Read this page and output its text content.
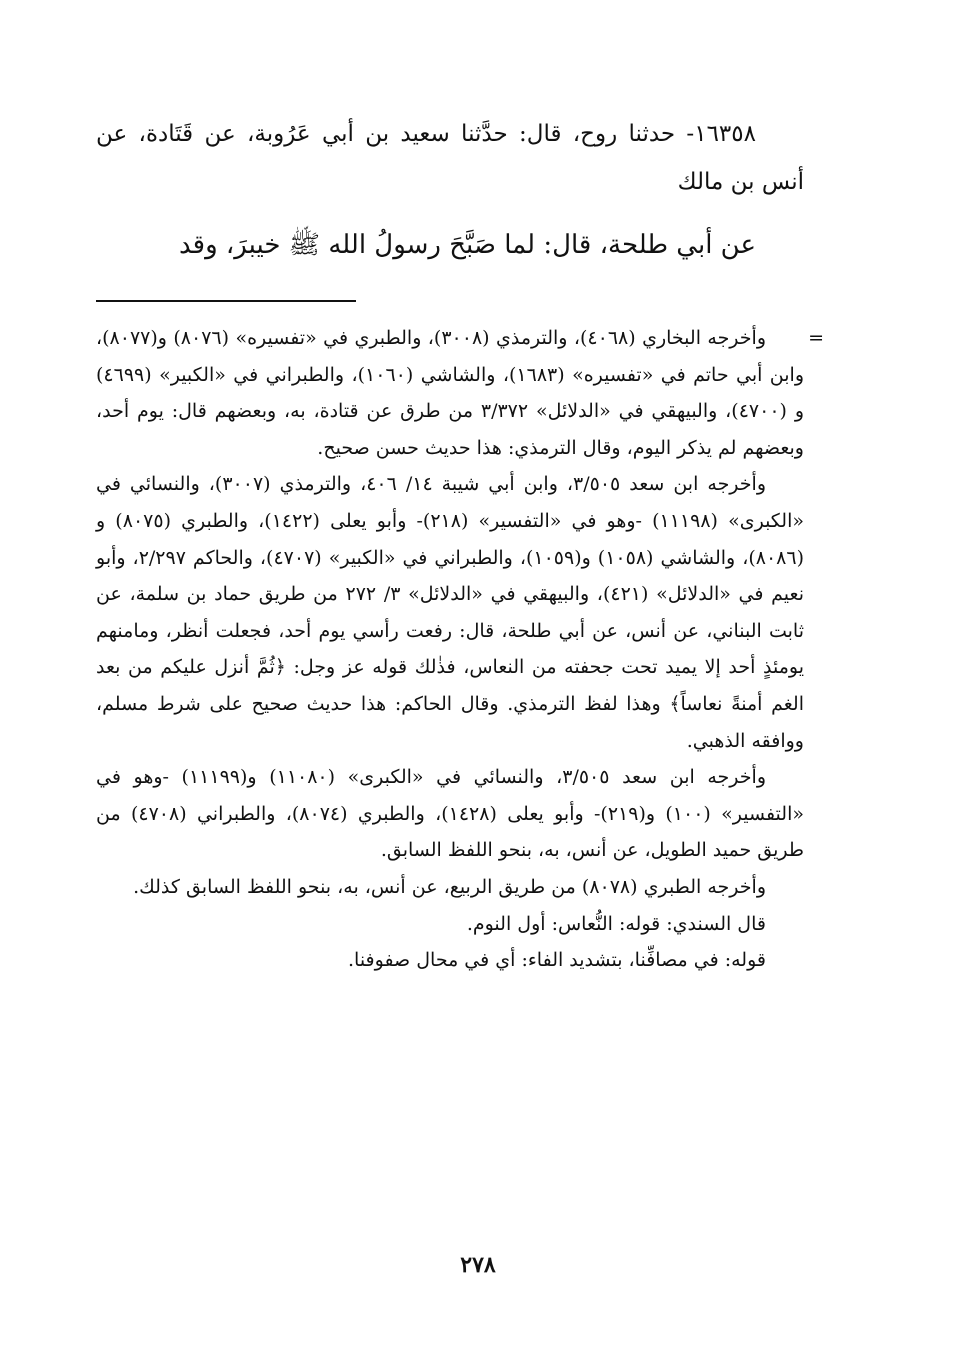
١٦٣٥٨- حدثنا روح، قال: حدَّثنا سعيد بن أبي عَرُوبة، عن قَتَادة، عن أنس بن مالك

عن أبي طلحة، قال: لما صَبَّحَ رسولُ الله ﷺ خيبرَ، وقد

=
وأخرجه البخاري (٤٠٦٨)، والترمذي (٣٠٠٨)، والطبري في «تفسيره» (٨٠٧٦) و(٨٠٧٧)، وابن أبي حاتم في «تفسيره» (١٦٨٣)، والشاشي (١٠٦٠)، والطبراني في «الكبير» (٤٦٩٩) و (٤٧٠٠)، والبيهقي في «الدلائل» ٣/٣٧٢ من طرق عن قتادة، به، وبعضهم قال: يوم أحد، وبعضهم لم يذكر اليوم، وقال الترمذي: هذا حديث حسن صحيح.

وأخرجه ابن سعد ٣/٥٠٥، وابن أبي شيبة ١٤/ ٤٠٦، والترمذي (٣٠٠٧)، والنسائي في «الكبرى» (١١١٩٨) -وهو في «التفسير» (٢١٨)- وأبو يعلى (١٤٢٢)، والطبري (٨٠٧٥) و (٨٠٨٦)، والشاشي (١٠٥٨) و(١٠٥٩)، والطبراني في «الكبير» (٤٧٠٧)، والحاكم ٢/٢٩٧، وأبو نعيم في «الدلائل» (٤٢١)، والبيهقي في «الدلائل» ٣/ ٢٧٢ من طريق حماد بن سلمة، عن ثابت البناني، عن أنس، عن أبي طلحة، قال: رفعت رأسي يوم أحد، فجعلت أنظر، ومامنهم يومئذٍ أحد إلا يميد تحت جحفته من النعاس، فذٰلك قوله عز وجل: ﴿ثُمَّ أنزل عليكم من بعد الغم أمنةً نعاساً﴾ وهذا لفظ الترمذي. وقال الحاكم: هذا حديث صحيح على شرط مسلم، ووافقه الذهبي.

وأخرجه ابن سعد ٣/٥٠٥، والنسائي في «الكبرى» (١١٠٨٠) و(١١١٩٩) -وهو في «التفسير» (١٠٠) و(٢١٩)- وأبو يعلى (١٤٢٨)، والطبري (٨٠٧٤)، والطبراني (٤٧٠٨) من طريق حميد الطويل، عن أنس، به، بنحو اللفظ السابق.

وأخرجه الطبري (٨٠٧٨) من طريق الربيع، عن أنس، به، بنحو اللفظ السابق كذلك.

قال السندي: قوله: النُّعاس: أول النوم.

قوله: في مصافِّنا، بتشديد الفاء: أي في محال صفوفنا.

٢٧٨
